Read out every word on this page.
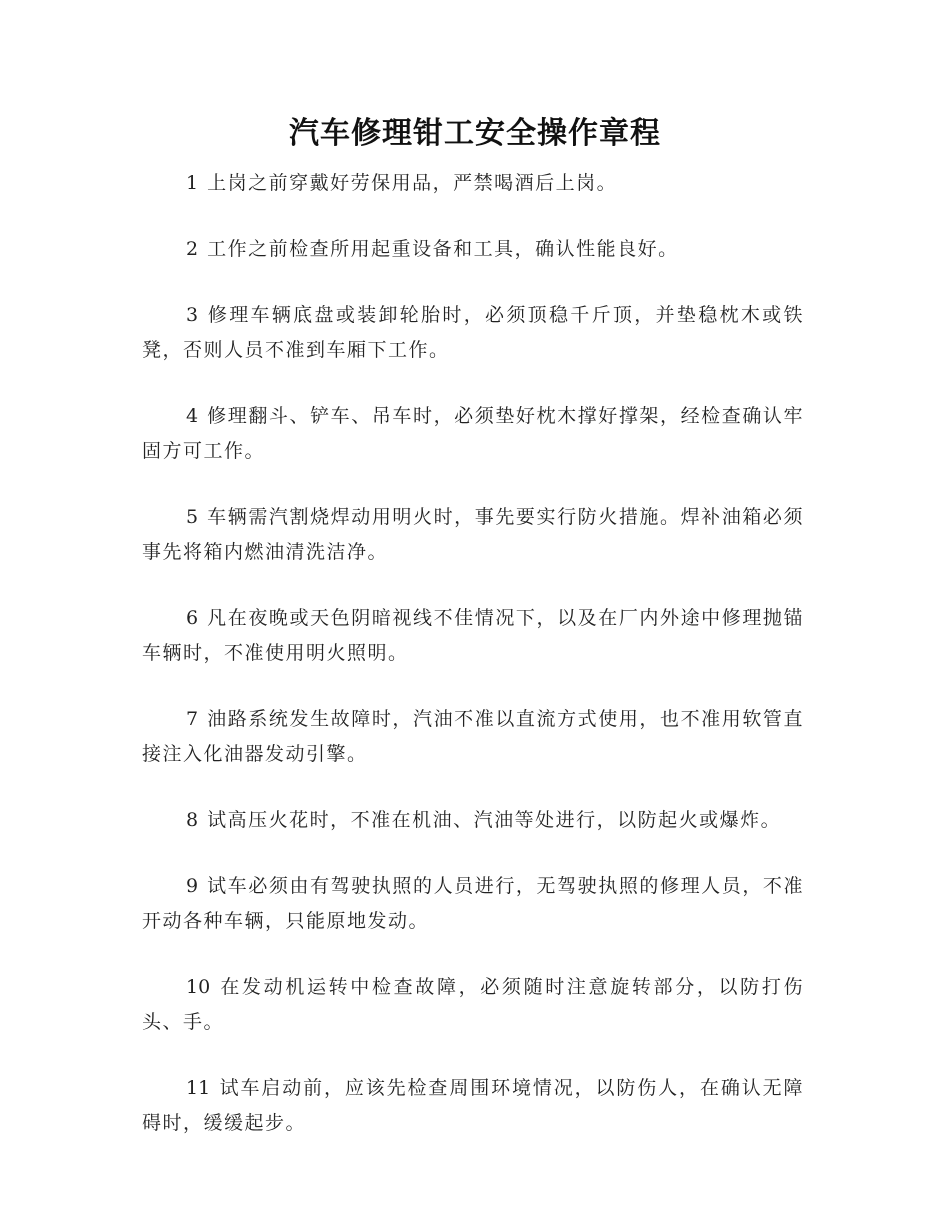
汽车修理钳工安全操作章程

1 上岗之前穿戴好劳保用品，严禁喝酒后上岗。

2 工作之前检查所用起重设备和工具，确认性能良好。

3 修理车辆底盘或装卸轮胎时，必须顶稳千斤顶，并垫稳枕木或铁凳，否则人员不准到车厢下工作。

4 修理翻斗、铲车、吊车时，必须垫好枕木撑好撑架，经检查确认牢固方可工作。

5 车辆需汽割烧焊动用明火时，事先要实行防火措施。焊补油箱必须事先将箱内燃油清洗洁净。

6 凡在夜晚或天色阴暗视线不佳情况下，以及在厂内外途中修理抛锚车辆时，不准使用明火照明。

7 油路系统发生故障时，汽油不准以直流方式使用，也不准用软管直接注入化油器发动引擎。

8 试高压火花时，不准在机油、汽油等处进行，以防起火或爆炸。

9 试车必须由有驾驶执照的人员进行，无驾驶执照的修理人员，不准开动各种车辆，只能原地发动。

10 在发动机运转中检查故障，必须随时注意旋转部分，以防打伤头、手。

11 试车启动前，应该先检查周围环境情况，以防伤人，在确认无障碍时，缓缓起步。
